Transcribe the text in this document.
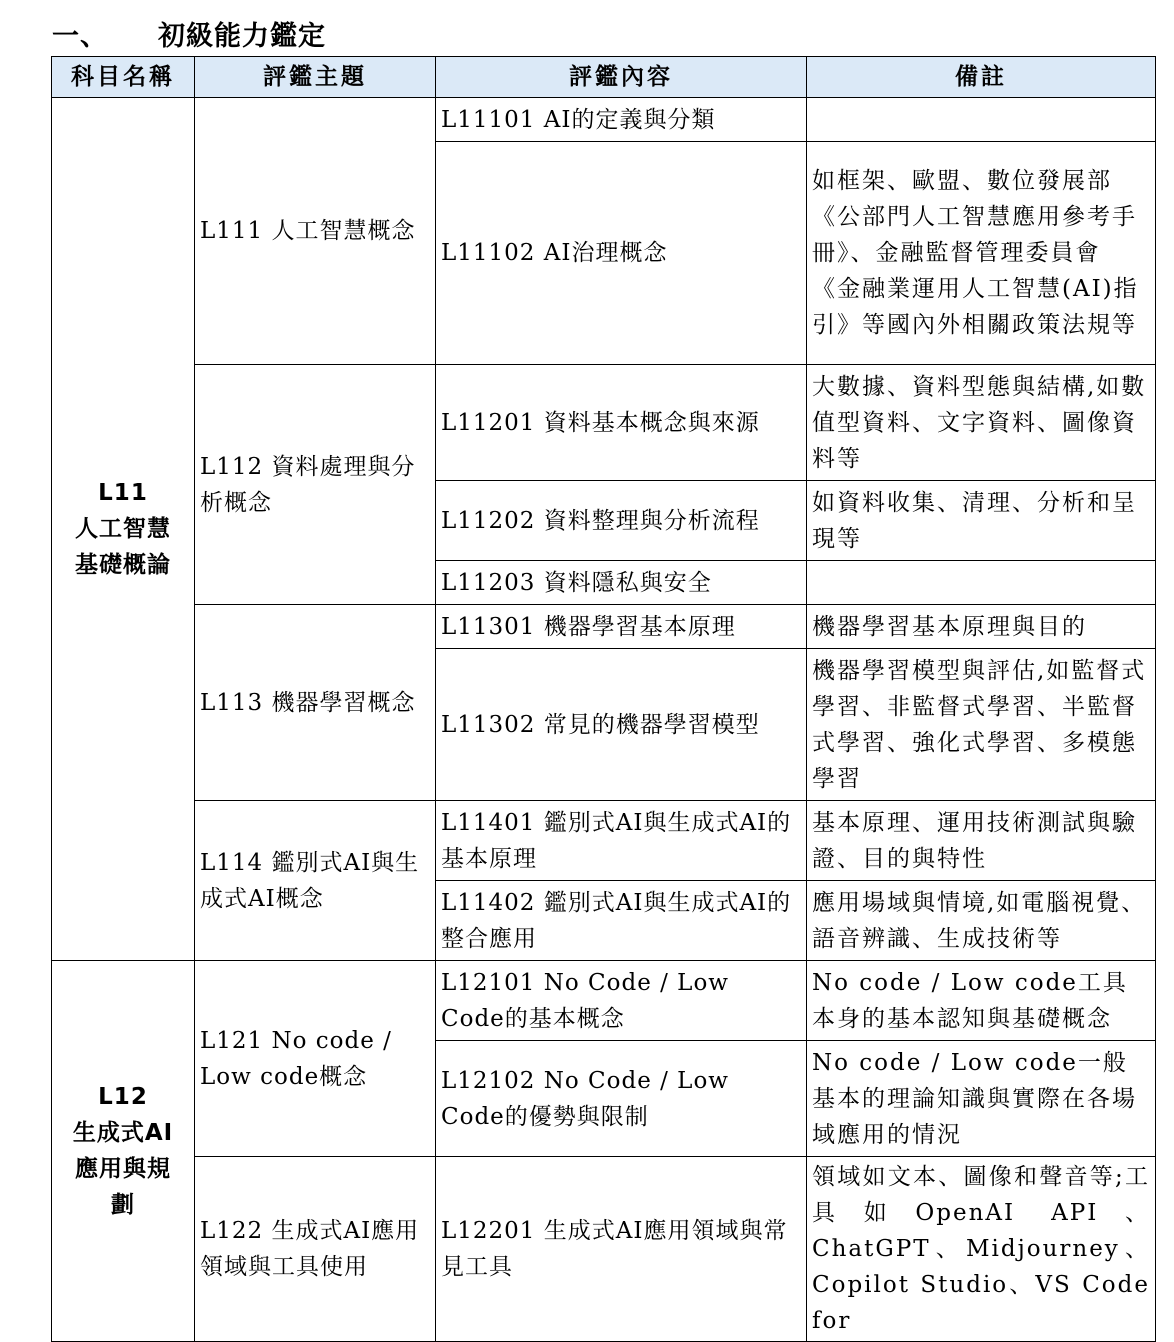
一、 初級能力鑑定
科目名稱	評鑑主題	評鑑內容	備註

L11
人工智慧
基礎概論	L111 人工智慧概念	L11101 AI的定義與分類	
		L11102 AI治理概念	如框架、歐盟、數位發展部《公部門人工智慧應用參考手冊》、金融監督管理委員會《金融業運用人工智慧(AI)指引》等國內外相關政策法規等
	L112 資料處理與分析概念	L11201 資料基本概念與來源	大數據、資料型態與結構,如數值型資料、文字資料、圖像資料等
		L11202 資料整理與分析流程	如資料收集、清理、分析和呈現等
		L11203 資料隱私與安全	
	L113 機器學習概念	L11301 機器學習基本原理	機器學習基本原理與目的
		L11302 常見的機器學習模型	機器學習模型與評估,如監督式學習、非監督式學習、半監督式學習、強化式學習、多模態學習
	L114 鑑別式AI與生成式AI概念	L11401 鑑別式AI與生成式AI的基本原理	基本原理、運用技術測試與驗證、目的與特性
		L11402 鑑別式AI與生成式AI的整合應用	應用場域與情境,如電腦視覺、語音辨識、生成技術等

L12
生成式AI
應用與規
劃	L121 No code / Low code概念	L12101 No Code / Low Code的基本概念	No code / Low code工具本身的基本認知與基礎概念
		L12102 No Code / Low Code的優勢與限制	No code / Low code一般基本的理論知識與實際在各場域應用的情況
	L122 生成式AI應用領域與工具使用	L12201 生成式AI應用領域與常見工具	領域如文本、圖像和聲音等;工具如OpenAI API、ChatGPT、Midjourney、Copilot Studio、VS Code for
